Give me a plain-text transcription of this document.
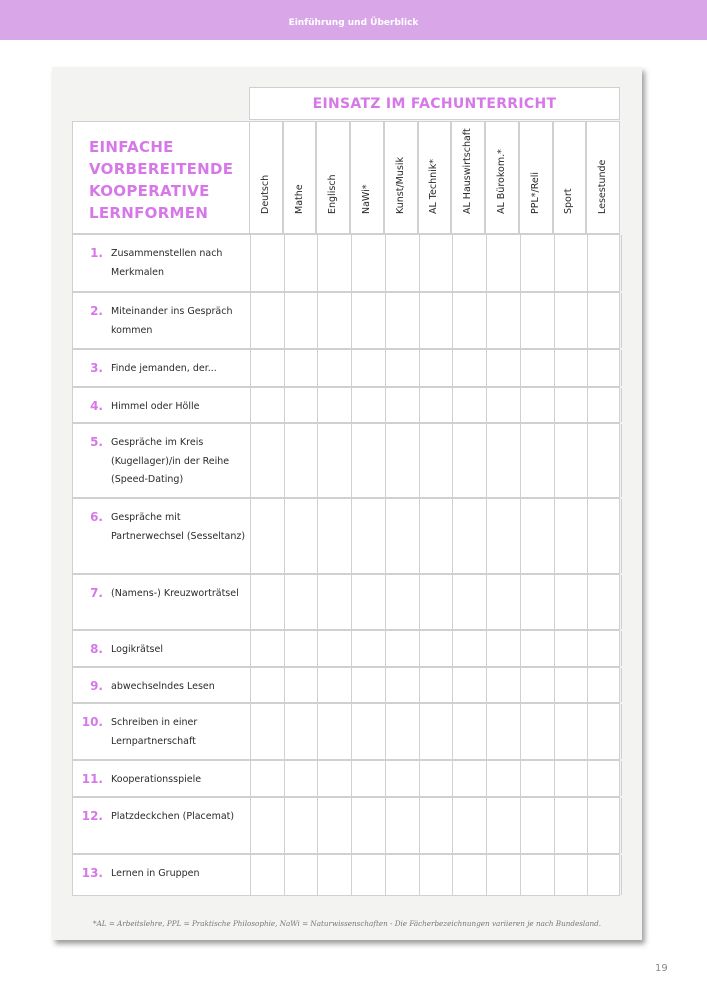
Einführung und Überblick
EINSATZ IM FACHUNTERRICHT
EINFACHE
VORBEREITENDE
KOOPERATIVE
LERNFORMEN	Deutsch Mathe Englisch NaWi* Kunst/Musik AL Technik* AL Hauswirtschaft AL Bürokom.* PPL*/Reli Sport Lesestunde
1. Zusammenstellen nach Merkmalen
2. Miteinander ins Gespräch kommen
3. Finde jemanden, der...
4. Himmel oder Hölle
5. Gespräche im Kreis (Kugellager)/in der Reihe (Speed-Dating)
6. Gespräche mit Partnerwechsel (Sesseltanz)
7. (Namens-) Kreuzworträtsel
8. Logikrätsel
9. abwechselndes Lesen
10. Schreiben in einer Lernpartnerschaft
11. Kooperationsspiele
12. Platzdeckchen (Placemat)
13. Lernen in Gruppen
*AL = Arbeitslehre, PPL = Praktische Philosophie, NaWi = Naturwissenschaften - Die Fächerbezeichnungen variieren je nach Bundesland.
19
